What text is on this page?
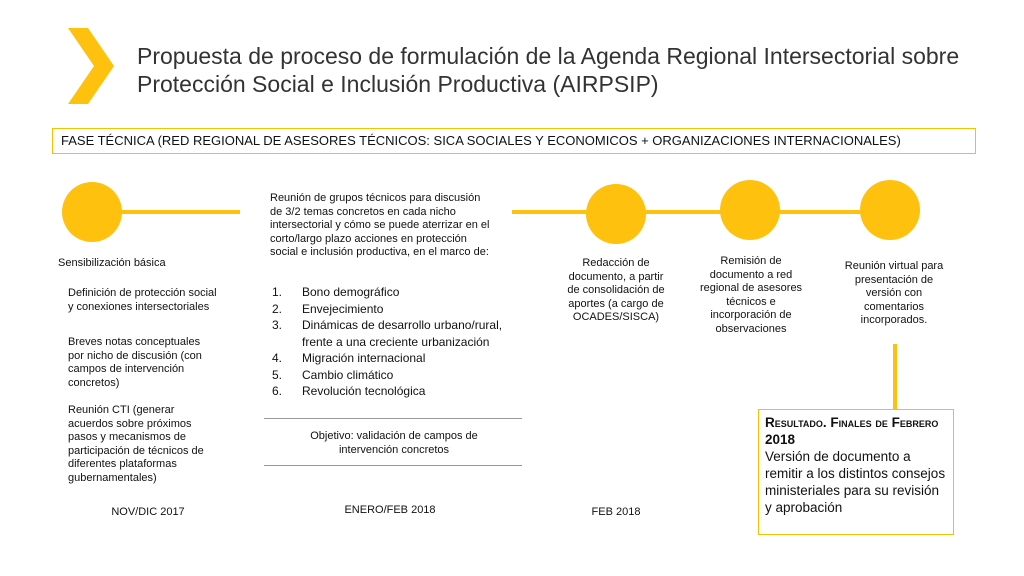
Propuesta de proceso de formulación de la Agenda Regional Intersectorial sobre Protección Social e Inclusión Productiva (AIRPSIP)
FASE TÉCNICA (RED REGIONAL DE ASESORES TÉCNICOS: SICA SOCIALES Y ECONOMICOS + ORGANIZACIONES INTERNACIONALES)
Sensibilización básica
Definición de protección social y conexiones intersectoriales
Breves notas conceptuales por nicho de discusión (con campos de intervención concretos)
Reunión CTI (generar acuerdos sobre próximos pasos y mecanismos de participación de técnicos de diferentes plataformas gubernamentales)
NOV/DIC 2017
Reunión de grupos técnicos para discusión de 3/2 temas concretos en cada nicho intersectorial y cómo se puede aterrizar en el corto/largo plazo acciones en protección social e inclusión productiva, en el marco de:
1. Bono demográfico
2. Envejecimiento
3. Dinámicas de desarrollo urbano/rural, frente a una creciente urbanización
4. Migración internacional
5. Cambio climático
6. Revolución tecnológica
Objetivo: validación de campos de intervención concretos
ENERO/FEB 2018
Redacción de documento, a partir de consolidación de aportes (a cargo de OCADES/SISCA)
FEB 2018
Remisión de documento a red regional de asesores técnicos e incorporación de observaciones
Reunión virtual para presentación de versión con comentarios incorporados.
Resultado. Finales de Febrero 2018
Versión de documento a remitir a los distintos consejos ministeriales para su revisión y aprobación
